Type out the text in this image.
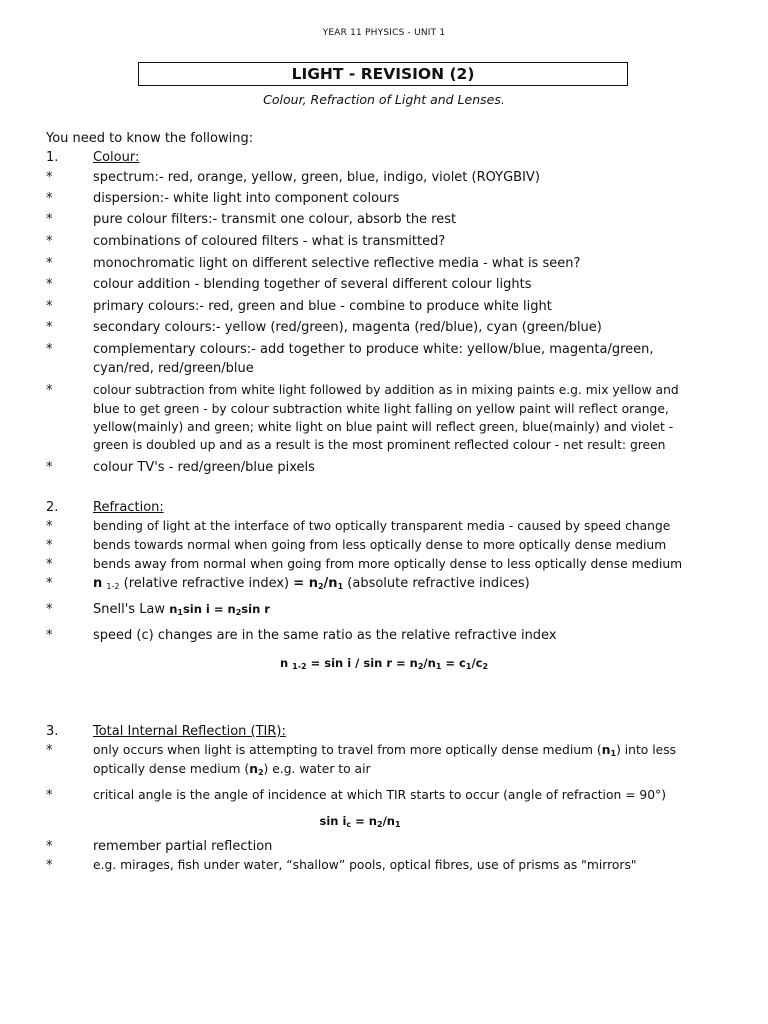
YEAR 11 PHYSICS - UNIT 1
LIGHT - REVISION (2)
Colour, Refraction of Light and Lenses.
You need to know the following:
1.	Colour:
*	spectrum:- red, orange, yellow, green, blue, indigo, violet (ROYGBIV)
*	dispersion:- white light into component colours
*	pure colour filters:- transmit one colour, absorb the rest
*	combinations of coloured filters - what is transmitted?
*	monochromatic light on different selective reflective media - what is seen?
*	colour addition - blending together of several different colour lights
*	primary colours:- red, green and blue - combine to produce white light
*	secondary colours:- yellow (red/green), magenta (red/blue), cyan (green/blue)
*	complementary colours:- add together to produce white: yellow/blue, magenta/green,
cyan/red, red/green/blue
*	colour subtraction from white light followed by addition as in mixing paints e.g. mix yellow and
blue to get green - by colour subtraction white light falling on yellow paint will reflect orange,
yellow(mainly) and green; white light on blue paint will reflect green, blue(mainly) and violet -
green is doubled up and as a result is the most prominent reflected colour - net result: green
*	colour TV's - red/green/blue pixels
2.	Refraction:
*	bending of light at the interface of two optically transparent media - caused by speed change
*	bends towards normal when going from less optically dense to more optically dense medium
*	bends away from normal when going from more optically dense to less optically dense medium
*	n $_{1-2}$ (relative refractive index) = $n_2/n_1$ (absolute refractive indices)
*	Snell's Law $n_1\sin$ $i = n_2\sin$ r
*	speed (c) changes are in the same ratio as the relative refractive index
n $_{1-2} = \sin i / \sin r = n_2/n_1 = c_1/c_2$
3.	Total Internal Reflection (TIR):
*	only occurs when light is attempting to travel from more optically dense medium $(n_1)$ into less
optically dense medium $(n_2)$ e.g. water to air
*	critical angle is the angle of incidence at which TIR starts to occur (angle of refraction = 90°)
$\sin i_c = n_2/n_1$
*	remember partial reflection
*	e.g. mirages, fish under water, “shallow” pools, optical fibres, use of prisms as "mirrors"
